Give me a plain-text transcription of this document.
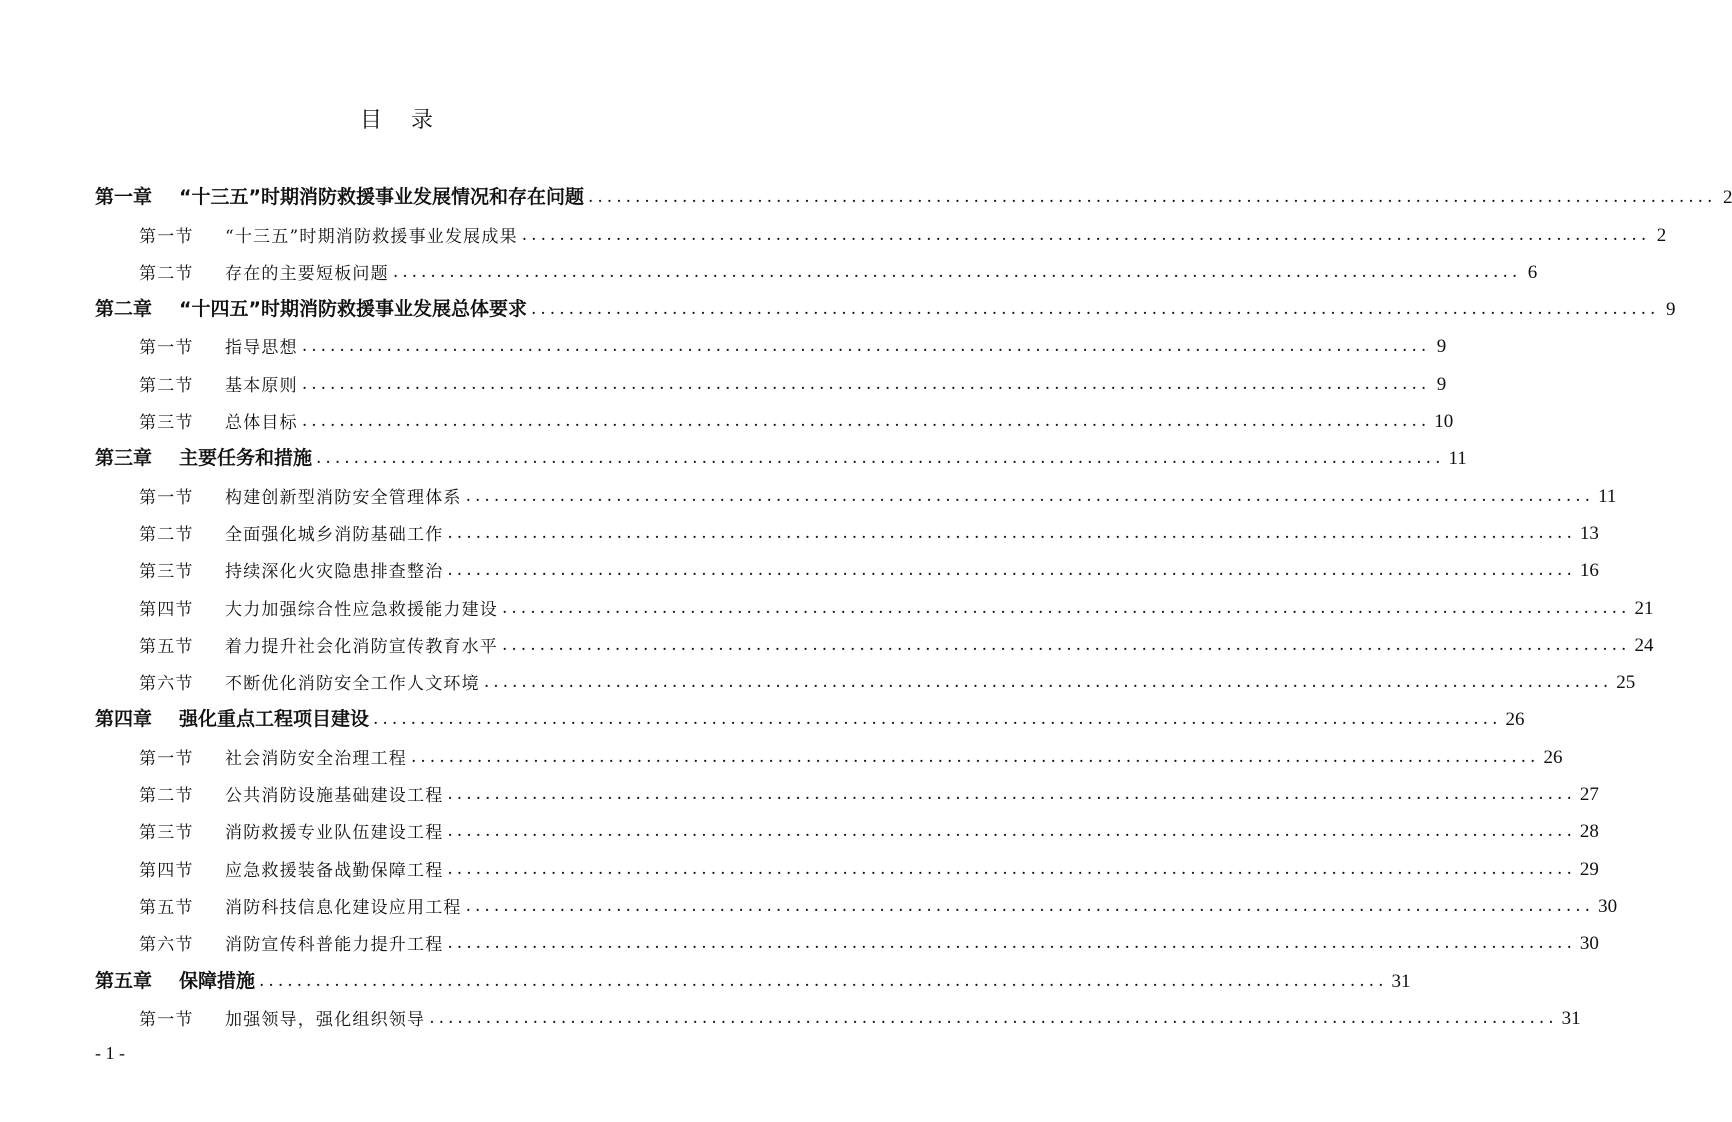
目 录
第一章	“十三五”时期消防救援事业发展情况和存在问题 ........................................................................................................................ 2
第一节	“十三五”时期消防救援事业发展成果 ........................................................................................................................ 2
第二节	存在的主要短板问题 ........................................................................................................................ 6
第二章	“十四五”时期消防救援事业发展总体要求 ........................................................................................................................ 9
第一节	指导思想 ........................................................................................................................ 9
第二节	基本原则 ........................................................................................................................ 9
第三节	总体目标 ........................................................................................................................ 10
第三章	主要任务和措施 ........................................................................................................................ 11
第一节	构建创新型消防安全管理体系 ........................................................................................................................ 11
第二节	全面强化城乡消防基础工作 ........................................................................................................................ 13
第三节	持续深化火灾隐患排查整治 ........................................................................................................................ 16
第四节	大力加强综合性应急救援能力建设 ........................................................................................................................ 21
第五节	着力提升社会化消防宣传教育水平 ........................................................................................................................ 24
第六节	不断优化消防安全工作人文环境 ........................................................................................................................ 25
第四章	强化重点工程项目建设 ........................................................................................................................ 26
第一节	社会消防安全治理工程 ........................................................................................................................ 26
第二节	公共消防设施基础建设工程 ........................................................................................................................ 27
第三节	消防救援专业队伍建设工程 ........................................................................................................................ 28
第四节	应急救援装备战勤保障工程 ........................................................................................................................ 29
第五节	消防科技信息化建设应用工程 ........................................................................................................................ 30
第六节	消防宣传科普能力提升工程 ........................................................................................................................ 30
第五章	保障措施 ........................................................................................................................ 31
第一节	加强领导，强化组织领导 ........................................................................................................................ 31
- 1 -
